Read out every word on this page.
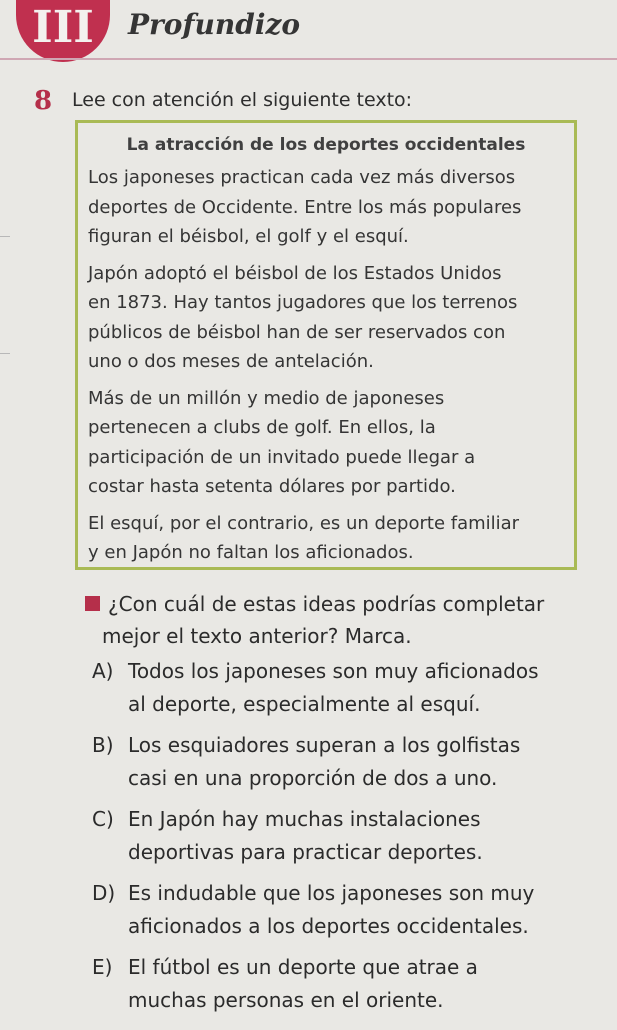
III Profundizo
8 Lee con atención el siguiente texto:
La atracción de los deportes occidentales

Los japoneses practican cada vez más diversos
deportes de Occidente. Entre los más populares
figuran el béisbol, el golf y el esquí.

Japón adoptó el béisbol de los Estados Unidos
en 1873. Hay tantos jugadores que los terrenos
públicos de béisbol han de ser reservados con
uno o dos meses de antelación.

Más de un millón y medio de japoneses
pertenecen a clubs de golf. En ellos, la
participación de un invitado puede llegar a
costar hasta setenta dólares por partido.

El esquí, por el contrario, es un deporte familiar
y en Japón no faltan los aficionados.

¿Con cuál de estas ideas podrías completar
mejor el texto anterior? Marca.
A) Todos los japoneses son muy aficionados
al deporte, especialmente al esquí.
B) Los esquiadores superan a los golfistas
casi en una proporción de dos a uno.
C) En Japón hay muchas instalaciones
deportivas para practicar deportes.
D) Es indudable que los japoneses son muy
aficionados a los deportes occidentales.
E) El fútbol es un deporte que atrae a
muchas personas en el oriente.
